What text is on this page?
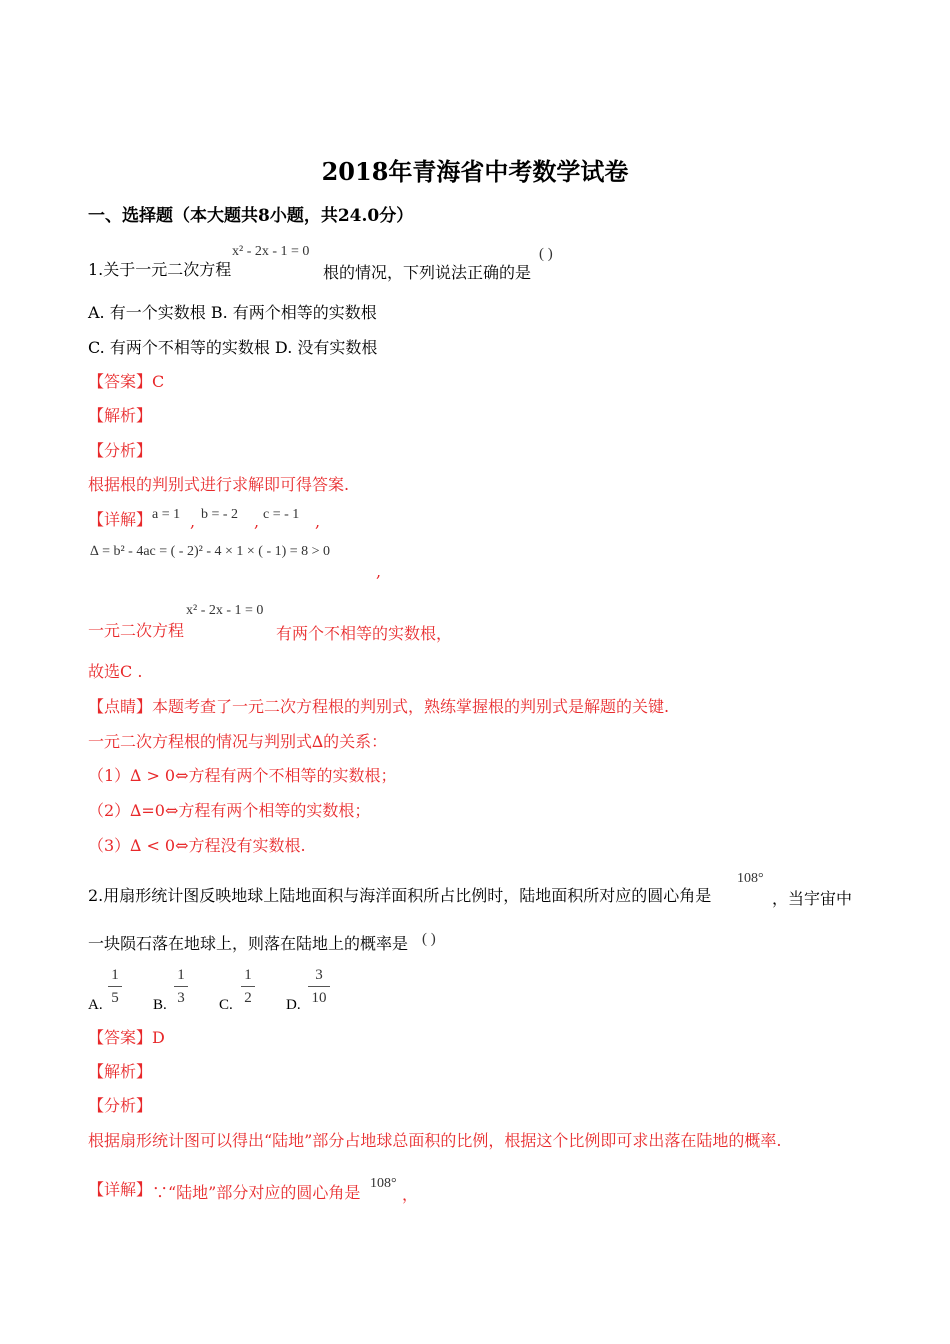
2018年青海省中考数学试卷
一、选择题（本大题共8小题，共24.0分）
1.关于一元二次方程
x² - 2x - 1 = 0
根的情况，下列说法正确的是
( )
A. 有一个实数根 B. 有两个相等的实数根
C. 有两个不相等的实数根 D. 没有实数根
【答案】C
【解析】
【分析】
根据根的判别式进行求解即可得答案.
【详解】 a = 1 , b = - 2 , c = - 1 ,
∆ = b² - 4ac = ( - 2)² - 4 × 1 × ( - 1) = 8 > 0
,
一元二次方程
x² - 2x - 1 = 0
有两个不相等的实数根，
故选C .
【点睛】本题考查了一元二次方程根的判别式，熟练掌握根的判别式是解题的关键.
一元二次方程根的情况与判别式∆的关系：
（1）∆ > 0⇔方程有两个不相等的实数根；
（2）∆=0⇔方程有两个相等的实数根；
（3）∆ < 0⇔方程没有实数根.
2.用扇形统计图反映地球上陆地面积与海洋面积所占比例时，陆地面积所对应的圆心角是
108°
，当宇宙中
一块陨石落在地球上，则落在陆地上的概率是 ( )
A.
1
5 B.
1
3 C.
1
2 D.
3
10
【答案】D
【解析】
【分析】
根据扇形统计图可以得出“陆地”部分占地球总面积的比例，根据这个比例即可求出落在陆地的概率.
【详解】 ∵“陆地”部分对应的圆心角是 108°
，
